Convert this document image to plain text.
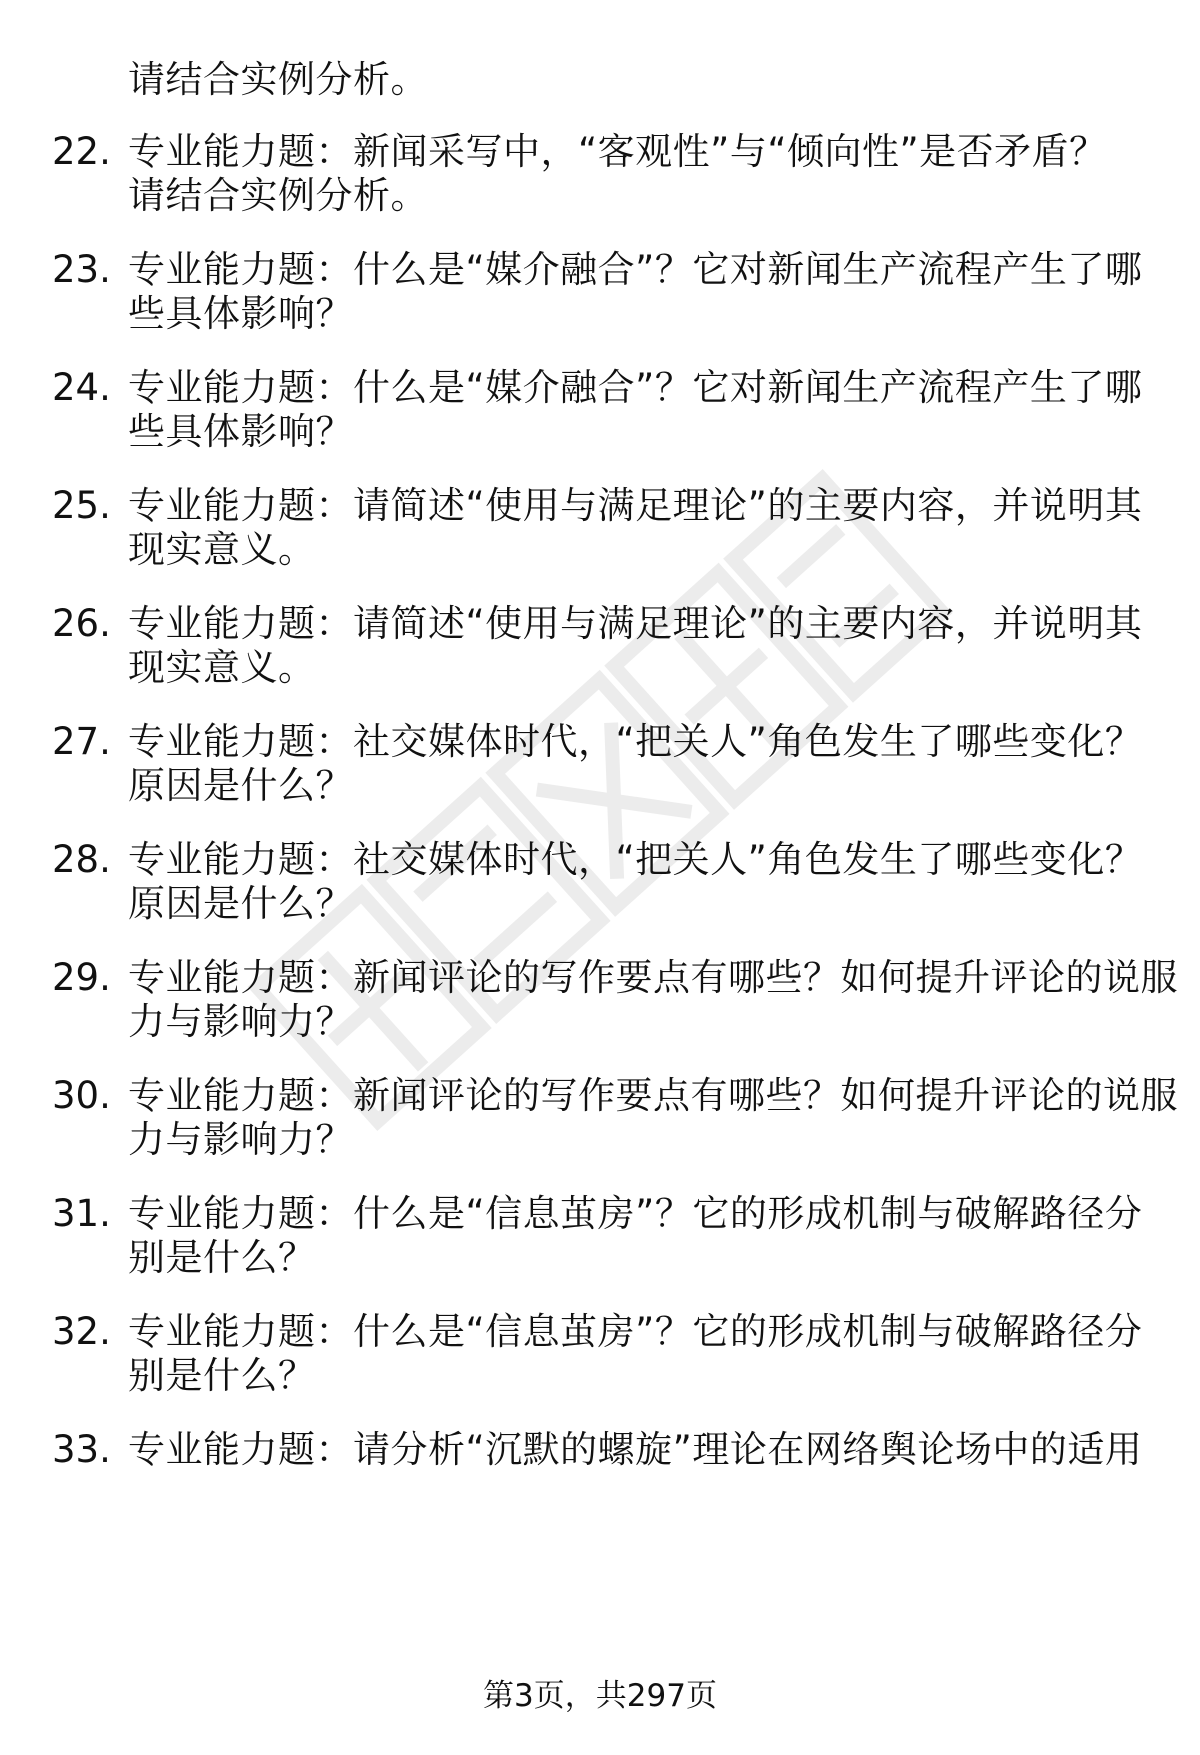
请结合实例分析。
22. 专业能力题：新闻采写中，“客观性”与“倾向性”是否矛盾？
请结合实例分析。
23. 专业能力题：什么是“媒介融合”？它对新闻生产流程产生了哪
些具体影响？
24. 专业能力题：什么是“媒介融合”？它对新闻生产流程产生了哪
些具体影响？
25. 专业能力题：请简述“使用与满足理论”的主要内容，并说明其
现实意义。
26. 专业能力题：请简述“使用与满足理论”的主要内容，并说明其
现实意义。
27. 专业能力题：社交媒体时代，“把关人”角色发生了哪些变化？
原因是什么？
28. 专业能力题：社交媒体时代，“把关人”角色发生了哪些变化？
原因是什么？
29. 专业能力题：新闻评论的写作要点有哪些？如何提升评论的说服
力与影响力？
30. 专业能力题：新闻评论的写作要点有哪些？如何提升评论的说服
力与影响力？
31. 专业能力题：什么是“信息茧房”？它的形成机制与破解路径分
别是什么？
32. 专业能力题：什么是“信息茧房”？它的形成机制与破解路径分
别是什么？
33. 专业能力题：请分析“沉默的螺旋”理论在网络舆论场中的适用
第3页，共297页
